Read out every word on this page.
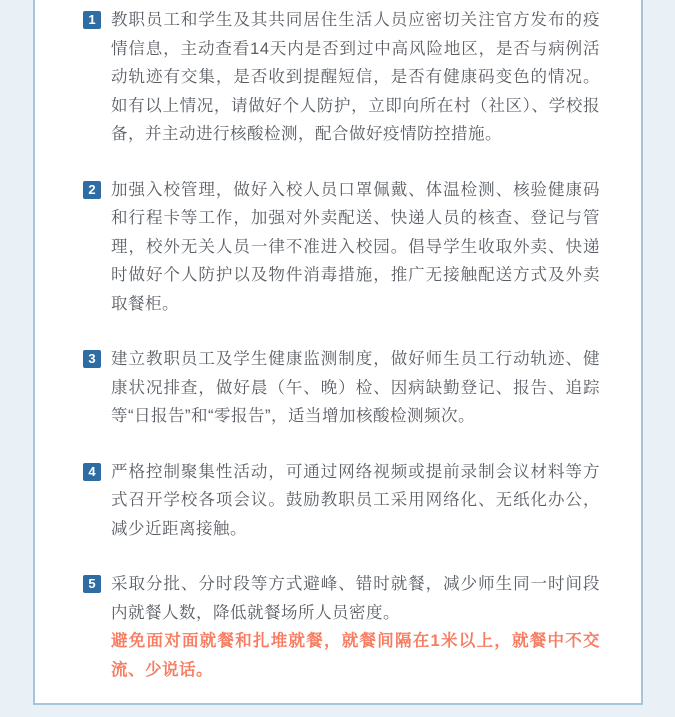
1 教职员工和学生及其共同居住生活人员应密切关注官方发布的疫情信息，主动查看14天内是否到过中高风险地区，是否与病例活动轨迹有交集，是否收到提醒短信，是否有健康码变色的情况。如有以上情况，请做好个人防护，立即向所在村（社区）、学校报备，并主动进行核酸检测，配合做好疫情防控措施。

2 加强入校管理，做好入校人员口罩佩戴、体温检测、核验健康码和行程卡等工作，加强对外卖配送、快递人员的核查、登记与管理，校外无关人员一律不准进入校园。倡导学生收取外卖、快递时做好个人防护以及物件消毒措施，推广无接触配送方式及外卖取餐柜。

3 建立教职员工及学生健康监测制度，做好师生员工行动轨迹、健康状况排查，做好晨（午、晚）检、因病缺勤登记、报告、追踪等“日报告”和“零报告”，适当增加核酸检测频次。

4 严格控制聚集性活动，可通过网络视频或提前录制会议材料等方式召开学校各项会议。鼓励教职员工采用网络化、无纸化办公，减少近距离接触。

5 采取分批、分时段等方式避峰、错时就餐，减少师生同一时间段内就餐人数，降低就餐场所人员密度。

避免面对面就餐和扎堆就餐，就餐间隔在1米以上，就餐中不交流、少说话。
